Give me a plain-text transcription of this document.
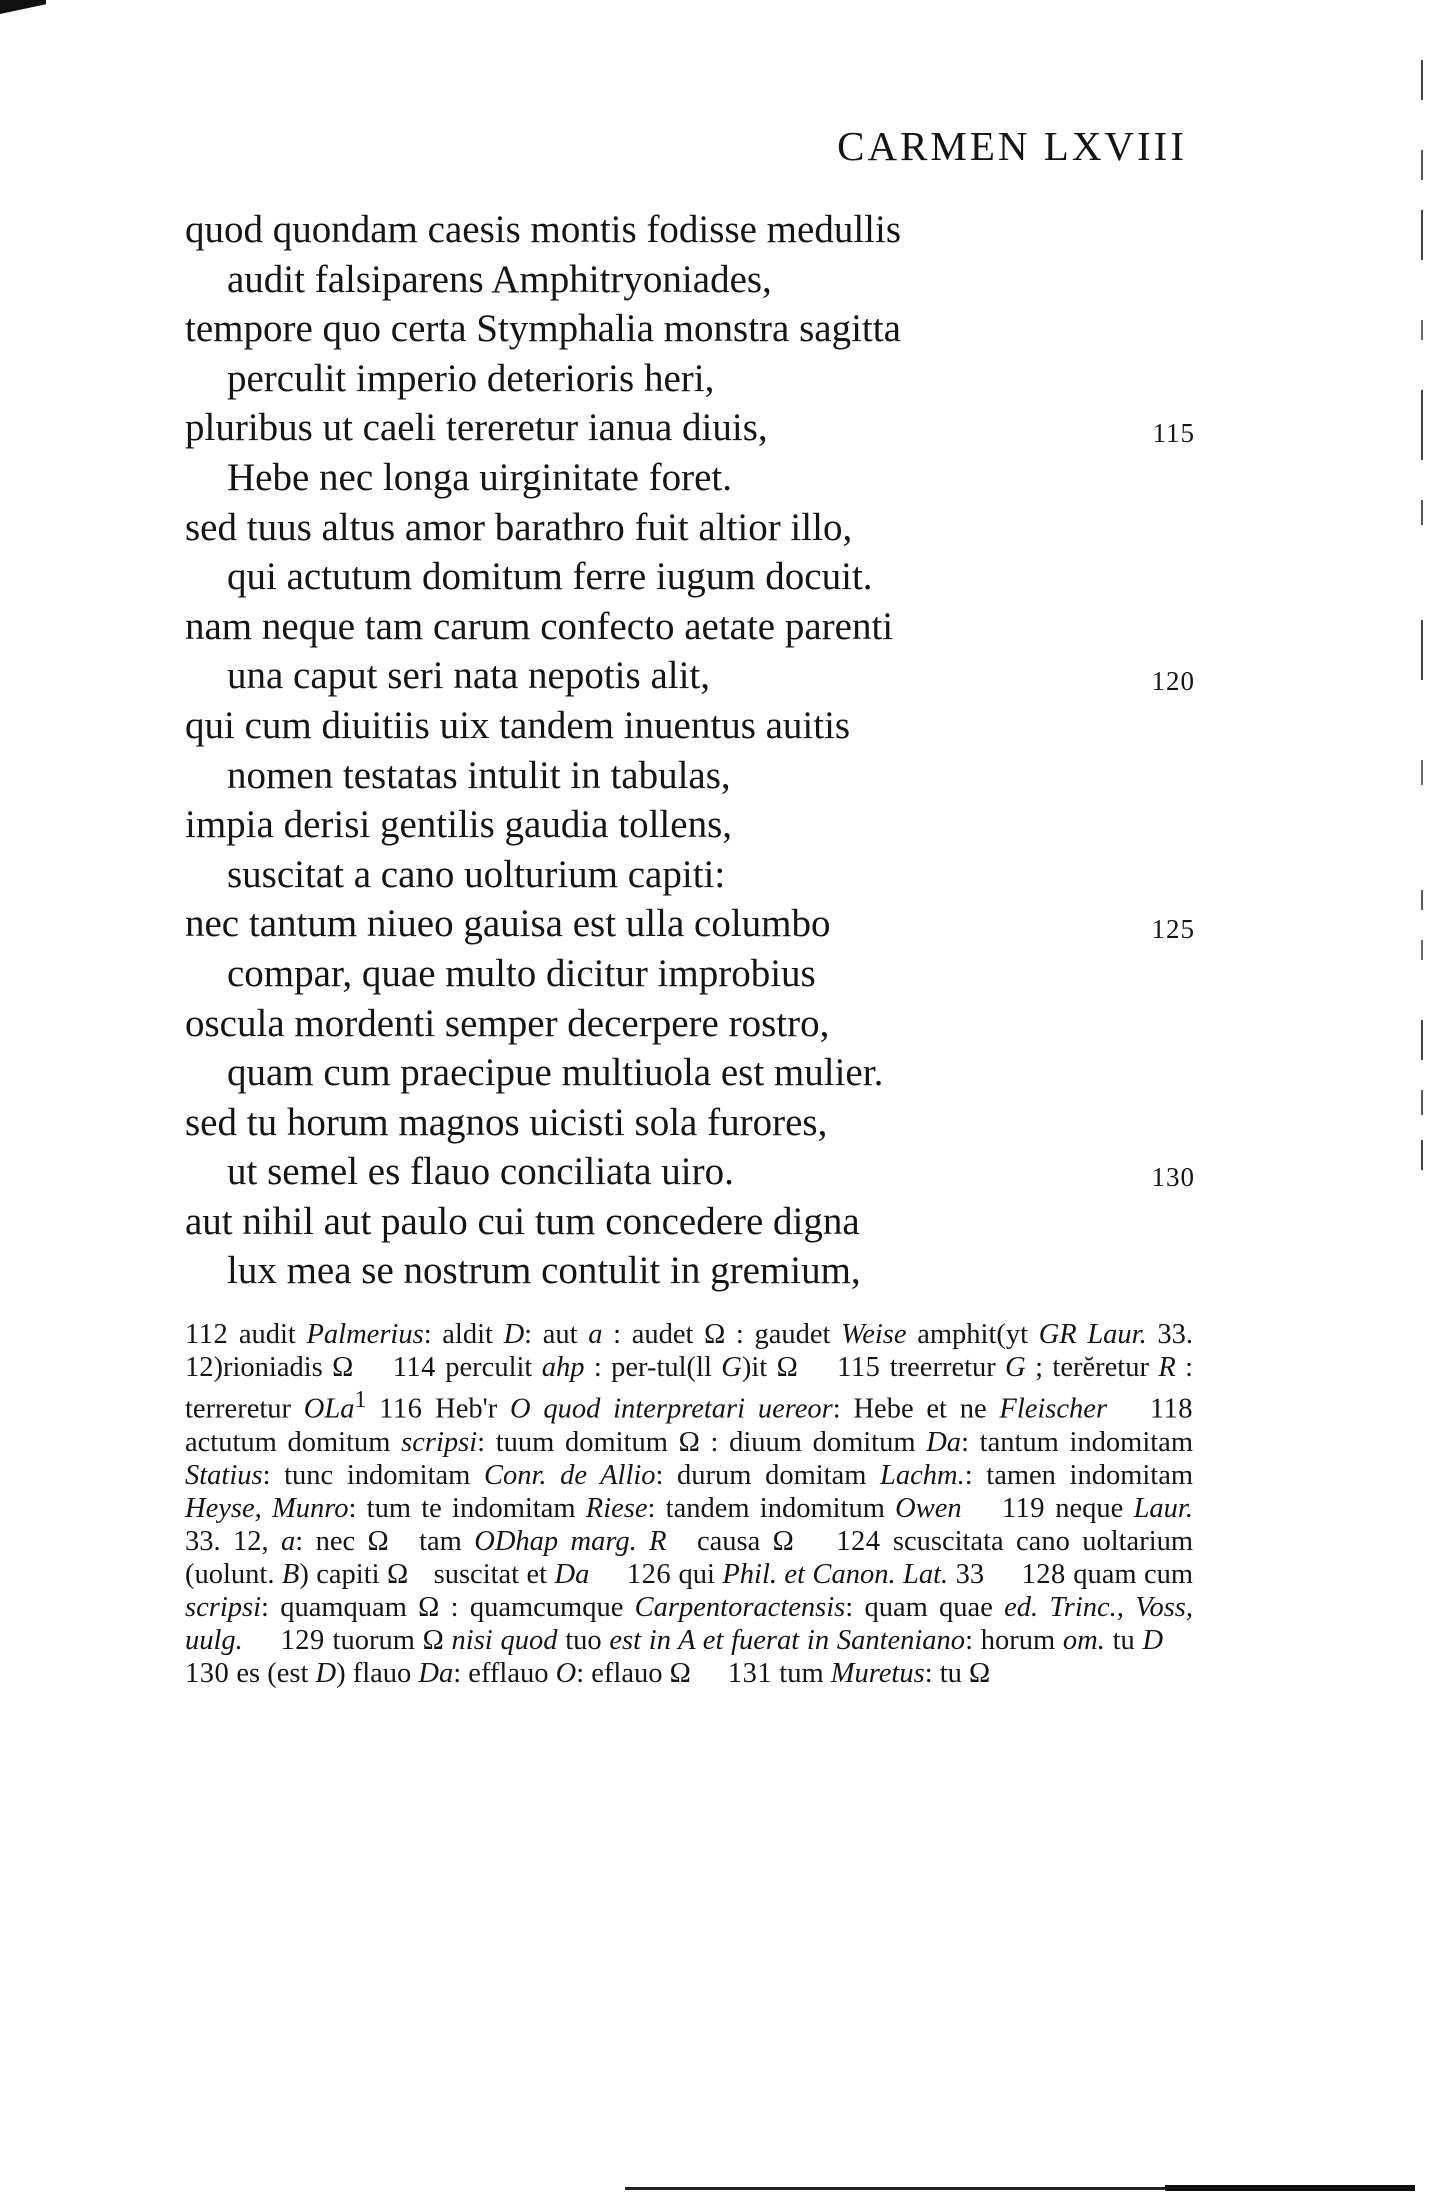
CARMEN LXVIII
quod quondam caesis montis fodisse medullis
audit falsiparens Amphitryoniades,
tempore quo certa Stymphalia monstra sagitta
perculit imperio deterioris heri,
pluribus ut caeli tereretur ianua diuis,	115
Hebe nec longa uirginitate foret.
sed tuus altus amor barathro fuit altior illo,
qui actutum domitum ferre iugum docuit.
nam neque tam carum confecto aetate parenti
una caput seri nata nepotis alit,	120
qui cum diuitiis uix tandem inuentus auitis
nomen testatas intulit in tabulas,
impia derisi gentilis gaudia tollens,
suscitat a cano uolturium capiti:
nec tantum niueo gauisa est ulla columbo	125
compar, quae multo dicitur improbius
oscula mordenti semper decerpere rostro,
quam cum praecipue multiuola est mulier.
sed tu horum magnos uicisti sola furores,
ut semel es flauo conciliata uiro.	130
aut nihil aut paulo cui tum concedere digna
lux mea se nostrum contulit in gremium,
112 audit Palmerius: aldit D: aut a : audet Ω : gaudet Weise amphit(yt GR Laur. 33. 12)rioniadis Ω 114 perculit ahp : per-tul(ll G)it Ω 115 treerretur G ; terĕretur R : terreretur OLa$^1$ 116 Heb'r O quod interpretari uereor: Hebe et ne Fleischer 118 actutum domitum scripsi: tuum domitum Ω : diuum domitum Da: tantum indomitam Statius: tunc indomitam Conr. de Allio: durum domitam Lachm.: tamen indomitam Heyse, Munro: tum te indomitam Riese: tandem indomitum Owen 119 neque Laur. 33. 12, a: nec Ω tam ODhap marg. R causa Ω 124 scuscitata cano uoltarium (uolunt. B) capiti Ω suscitat et Da 126 qui Phil. et Canon. Lat. 33 128 quam cum scripsi: quamquam Ω : quamcumque Carpentoractensis: quam quae ed. Trinc., Voss, uulg. 129 tuorum Ω nisi quod tuo est in A et fuerat in Santeniano: horum om. tu D 130 es (est D) flauo Da: efflauo O: eflauo Ω 131 tum Muretus: tu Ω
